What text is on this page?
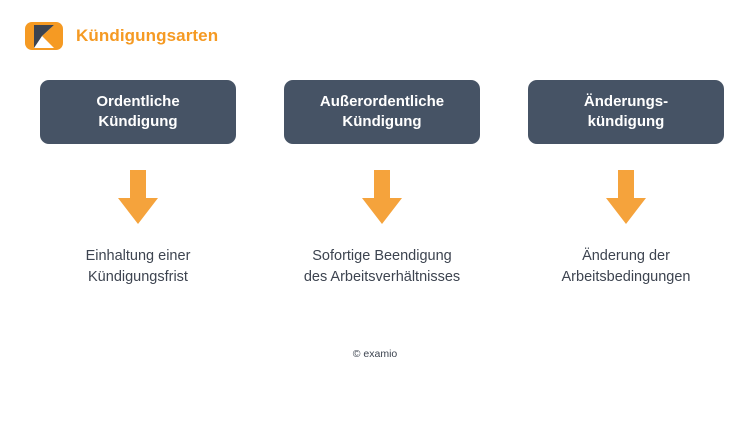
Kündigungsarten
Ordentliche
Kündigung
Einhaltung einer
Kündigungsfrist
Außerordentliche
Kündigung
Sofortige Beendigung
des Arbeitsverhältnisses
Änderungs-
kündigung
Änderung der
Arbeitsbedingungen
© examio
